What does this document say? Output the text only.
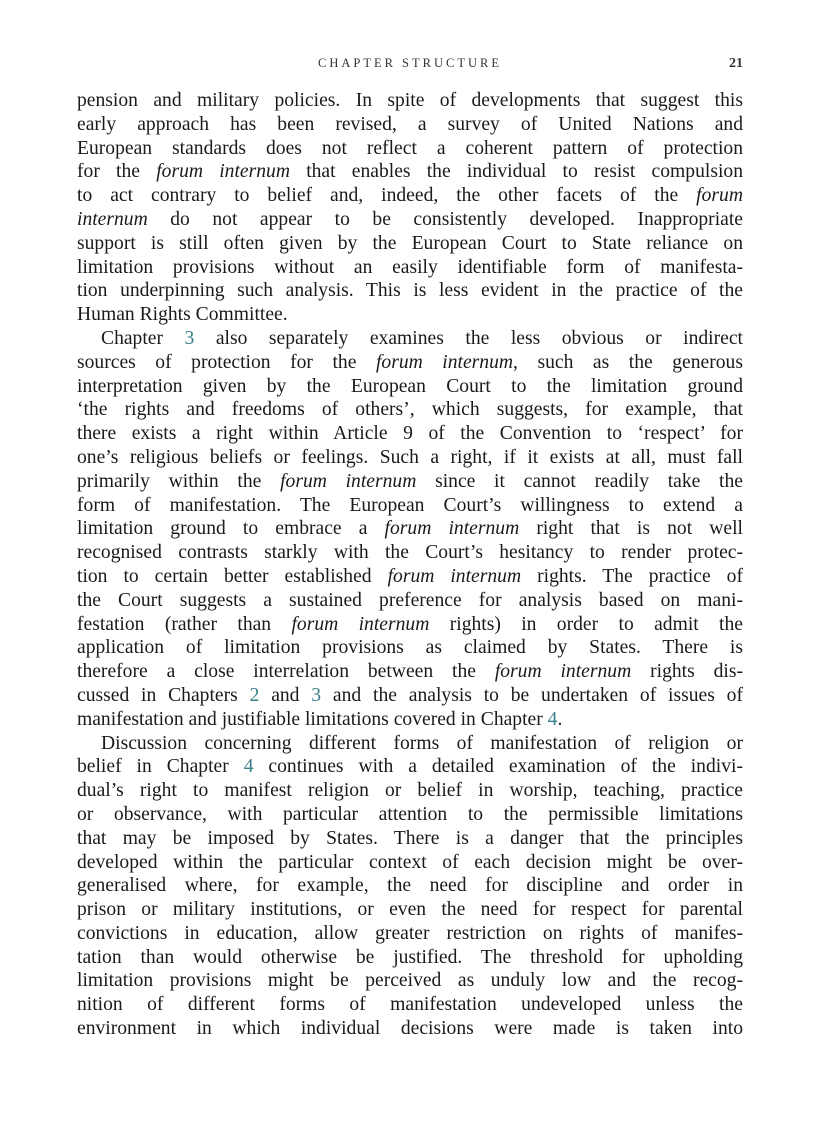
CHAPTER STRUCTURE	21
pension and military policies. In spite of developments that suggest this
early approach has been revised, a survey of United Nations and
European standards does not reflect a coherent pattern of protection
for the forum internum that enables the individual to resist compulsion
to act contrary to belief and, indeed, the other facets of the forum
internum do not appear to be consistently developed. Inappropriate
support is still often given by the European Court to State reliance on
limitation provisions without an easily identifiable form of manifesta-
tion underpinning such analysis. This is less evident in the practice of the
Human Rights Committee.
Chapter 3 also separately examines the less obvious or indirect
sources of protection for the forum internum, such as the generous
interpretation given by the European Court to the limitation ground
‘the rights and freedoms of others’, which suggests, for example, that
there exists a right within Article 9 of the Convention to ‘respect’ for
one’s religious beliefs or feelings. Such a right, if it exists at all, must fall
primarily within the forum internum since it cannot readily take the
form of manifestation. The European Court’s willingness to extend a
limitation ground to embrace a forum internum right that is not well
recognised contrasts starkly with the Court’s hesitancy to render protec-
tion to certain better established forum internum rights. The practice of
the Court suggests a sustained preference for analysis based on mani-
festation (rather than forum internum rights) in order to admit the
application of limitation provisions as claimed by States. There is
therefore a close interrelation between the forum internum rights dis-
cussed in Chapters 2 and 3 and the analysis to be undertaken of issues of
manifestation and justifiable limitations covered in Chapter 4.
Discussion concerning different forms of manifestation of religion or
belief in Chapter 4 continues with a detailed examination of the indivi-
dual’s right to manifest religion or belief in worship, teaching, practice
or observance, with particular attention to the permissible limitations
that may be imposed by States. There is a danger that the principles
developed within the particular context of each decision might be over-
generalised where, for example, the need for discipline and order in
prison or military institutions, or even the need for respect for parental
convictions in education, allow greater restriction on rights of manifes-
tation than would otherwise be justified. The threshold for upholding
limitation provisions might be perceived as unduly low and the recog-
nition of different forms of manifestation undeveloped unless the
environment in which individual decisions were made is taken into
